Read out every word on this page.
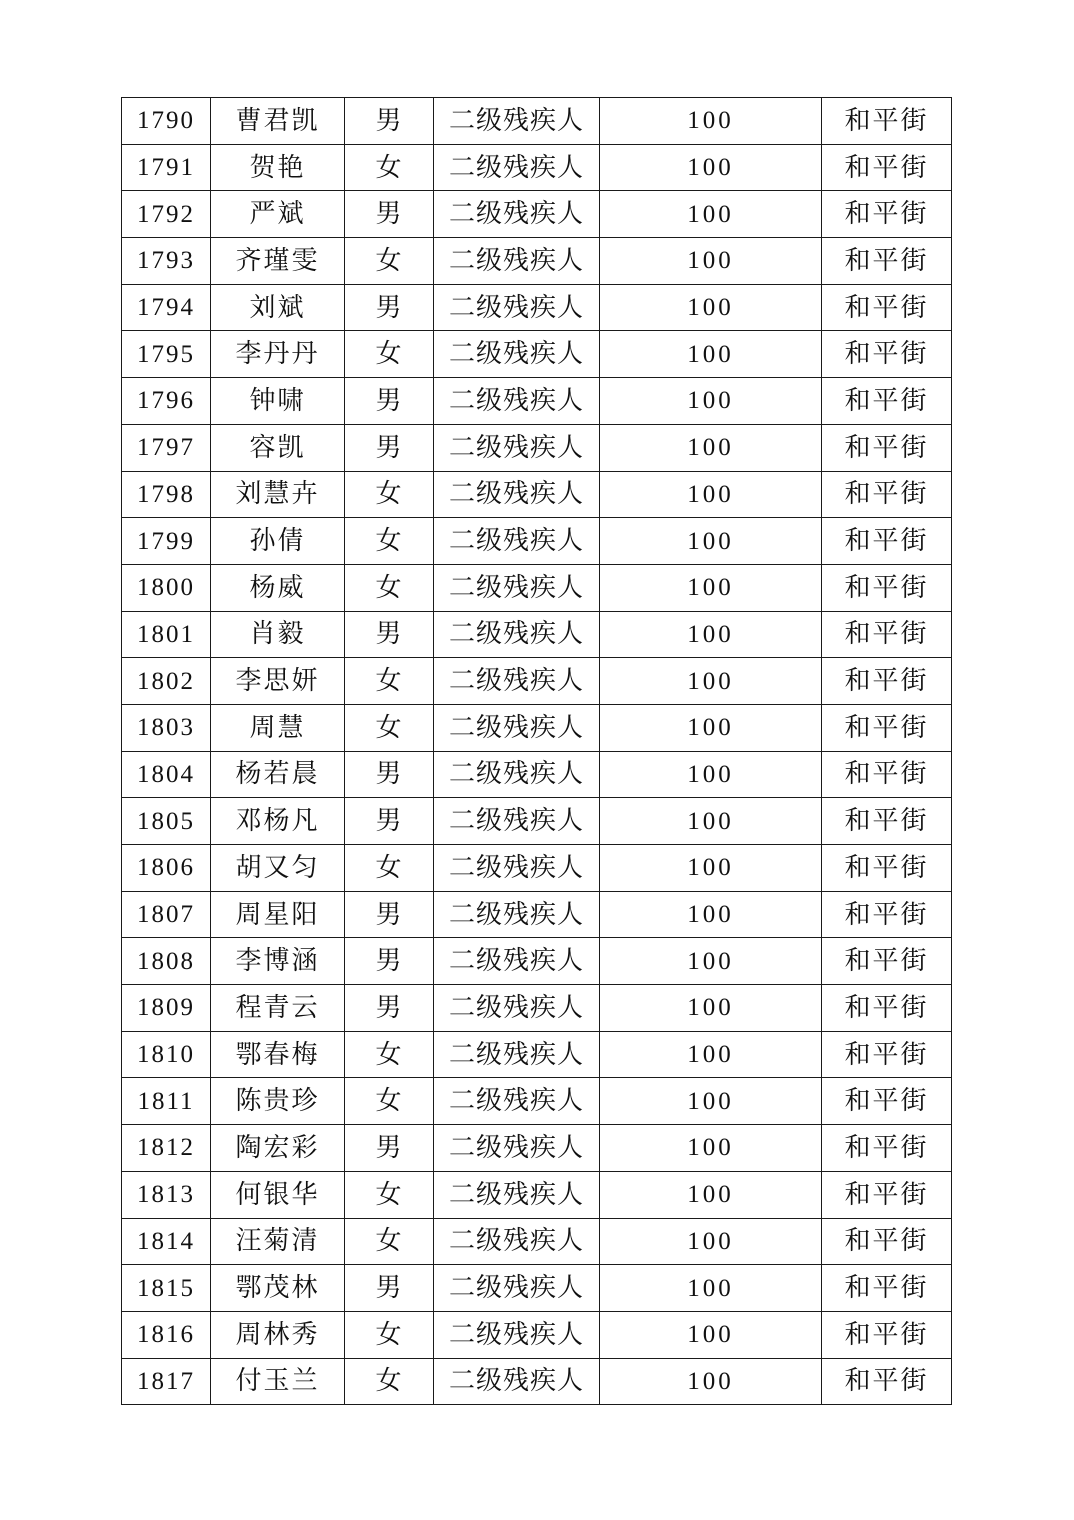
1790	曹君凯	男	二级残疾人	100	和平街
1791	贺艳	女	二级残疾人	100	和平街
1792	严斌	男	二级残疾人	100	和平街
1793	齐瑾雯	女	二级残疾人	100	和平街
1794	刘斌	男	二级残疾人	100	和平街
1795	李丹丹	女	二级残疾人	100	和平街
1796	钟啸	男	二级残疾人	100	和平街
1797	容凯	男	二级残疾人	100	和平街
1798	刘慧卉	女	二级残疾人	100	和平街
1799	孙倩	女	二级残疾人	100	和平街
1800	杨威	女	二级残疾人	100	和平街
1801	肖毅	男	二级残疾人	100	和平街
1802	李思妍	女	二级残疾人	100	和平街
1803	周慧	女	二级残疾人	100	和平街
1804	杨若晨	男	二级残疾人	100	和平街
1805	邓杨凡	男	二级残疾人	100	和平街
1806	胡又匀	女	二级残疾人	100	和平街
1807	周星阳	男	二级残疾人	100	和平街
1808	李博涵	男	二级残疾人	100	和平街
1809	程青云	男	二级残疾人	100	和平街
1810	鄂春梅	女	二级残疾人	100	和平街
1811	陈贵珍	女	二级残疾人	100	和平街
1812	陶宏彩	男	二级残疾人	100	和平街
1813	何银华	女	二级残疾人	100	和平街
1814	汪菊清	女	二级残疾人	100	和平街
1815	鄂茂林	男	二级残疾人	100	和平街
1816	周林秀	女	二级残疾人	100	和平街
1817	付玉兰	女	二级残疾人	100	和平街
